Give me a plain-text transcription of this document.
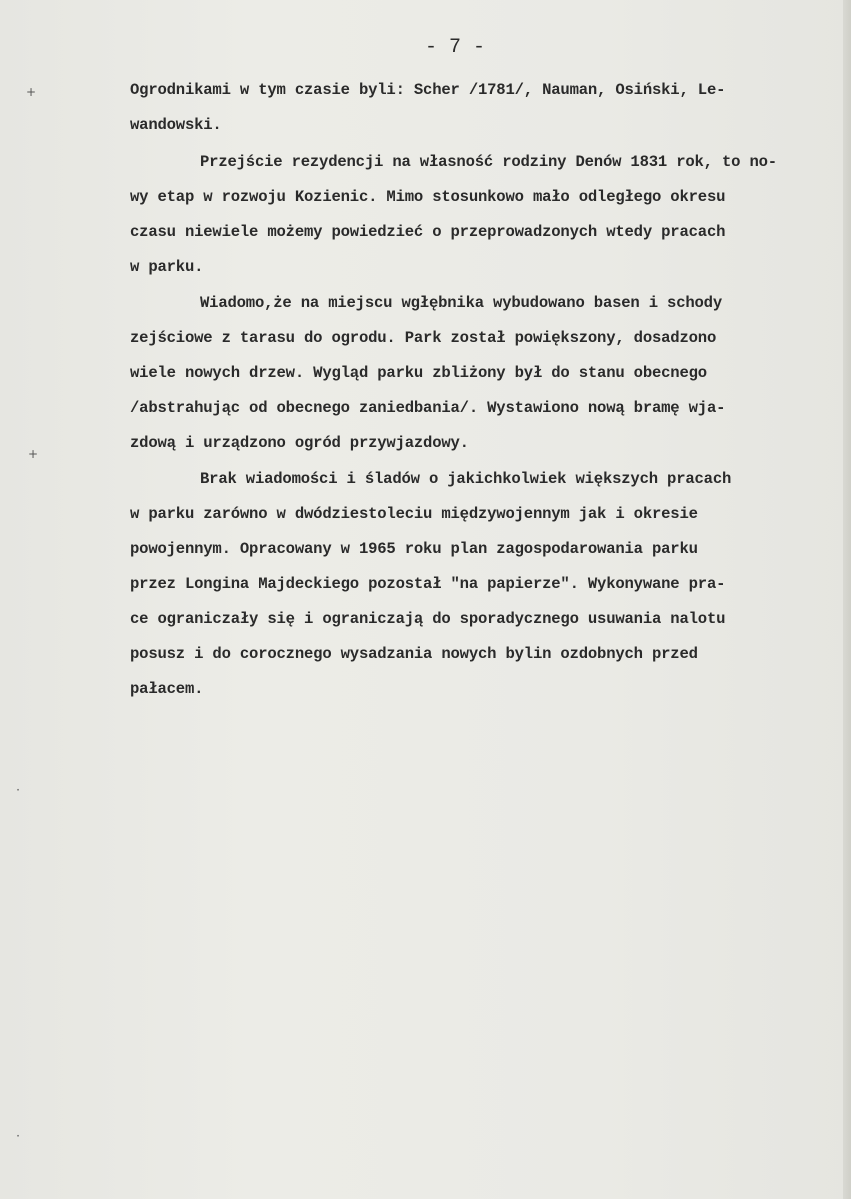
+
+
·
·
- 7 -
Ogrodnikami w tym czasie byli: Scher /1781/, Nauman, Osiński, Le-
wandowski.
Przejście rezydencji na własność rodziny Denów 1831 rok, to no-
wy etap w rozwoju Kozienic. Mimo stosunkowo mało odległego okresu
czasu niewiele możemy powiedzieć o przeprowadzonych wtedy pracach
w parku.
Wiadomo,że na miejscu wgłębnika wybudowano basen i schody
zejściowe z tarasu do ogrodu. Park został powiększony, dosadzono
wiele nowych drzew. Wygląd parku zbliżony był do stanu obecnego
/abstrahując od obecnego zaniedbania/. Wystawiono nową bramę wja-
zdową i urządzono ogród przywjazdowy.
Brak wiadomości i śladów o jakichkolwiek większych pracach
w parku zarówno w dwódziestoleciu międzywojennym jak i okresie
powojennym. Opracowany w 1965 roku plan zagospodarowania parku
przez Longina Majdeckiego pozostał "na papierze". Wykonywane pra-
ce ograniczały się i ograniczają do sporadycznego usuwania nalotu
posusz i do corocznego wysadzania nowych bylin ozdobnych przed
pałacem.
